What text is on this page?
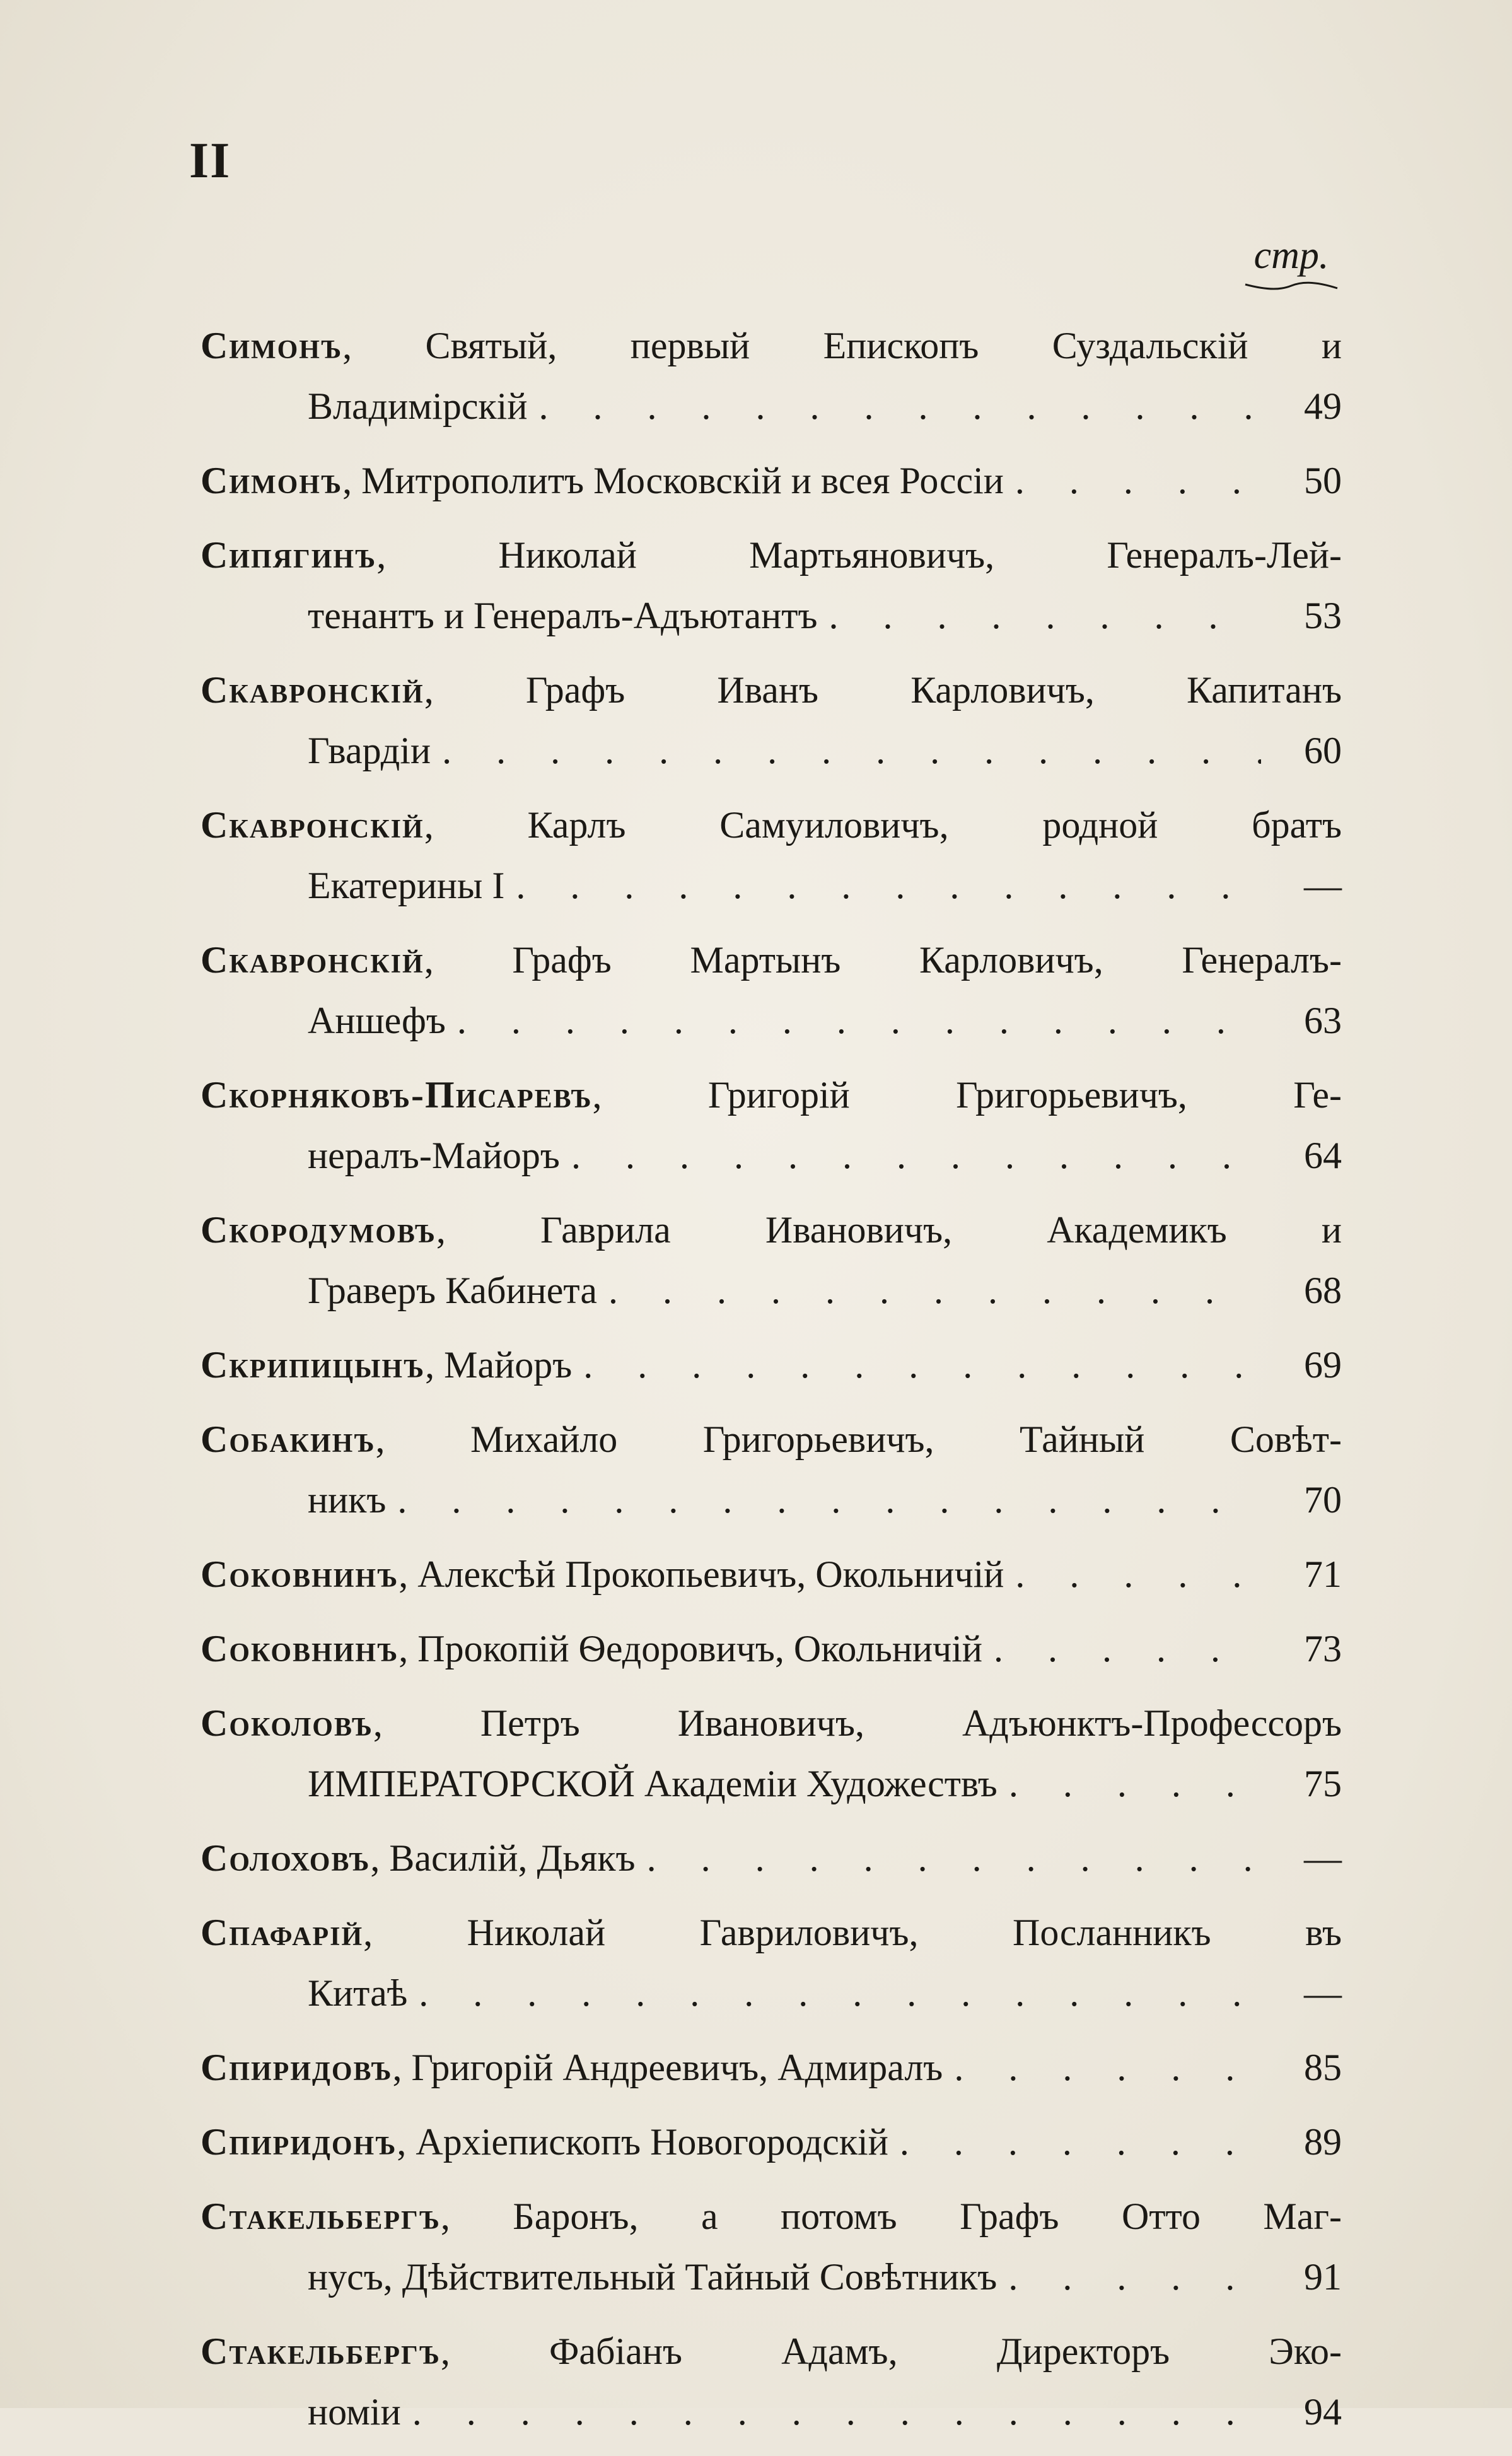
II
стр.
Симонъ, Святый, первый Епископъ Суздальскій и
Владимірскій . . .	49
Симонъ , Митрополитъ Московскій и всея Россіи . . .	50
Сипягинъ, Николай Мартьяновичъ, Генералъ-Лей-
тенантъ и Генералъ-Адъютантъ . . .	53
Скавронскій, Графъ Иванъ Карловичъ, Капитанъ
Гвардіи . . .	60
Скавронскій, Карлъ Самуиловичъ, родной братъ
Екатерины I . . .	—
Скавронскій, Графъ Мартынъ Карловичъ, Генералъ-
Аншефъ . . .	63
Скорняковъ-Писаревъ, Григорій Григорьевичъ, Ге-
нералъ-Майоръ . . .	64
Скородумовъ, Гаврила Ивановичъ, Академикъ и
Граверъ Кабинета . . .	68
Скрипицынъ , Майоръ . . .	69
Собакинъ, Михайло Григорьевичъ, Тайный Совѣт-
никъ . . .	70
Соковнинъ , Алексѣй Прокопьевичъ, Окольничій . . .	71
Соковнинъ , Прокопій Ѳедоровичъ, Окольничій . . .	73
Соколовъ, Петръ Ивановичъ, Адъюнктъ-Профессоръ
ИМПЕРАТОРСКОЙ Академіи Художествъ . . .	75
Солоховъ , Василій, Дьякъ . . .	—
Спафарій, Николай Гавриловичъ, Посланникъ въ
Китаѣ . . .	—
Спиридовъ , Григорій Андреевичъ, Адмиралъ . . .	85
Спиридонъ , Архіепископъ Новогородскій . . .	89
Стакельбергъ, Баронъ, а потомъ Графъ Отто Маг-
нусъ, Дѣйствительный Тайный Совѣтникъ . . .	91
Стакельбергъ, Фабіанъ Адамъ, Директоръ Эко-
номіи . . .	94
